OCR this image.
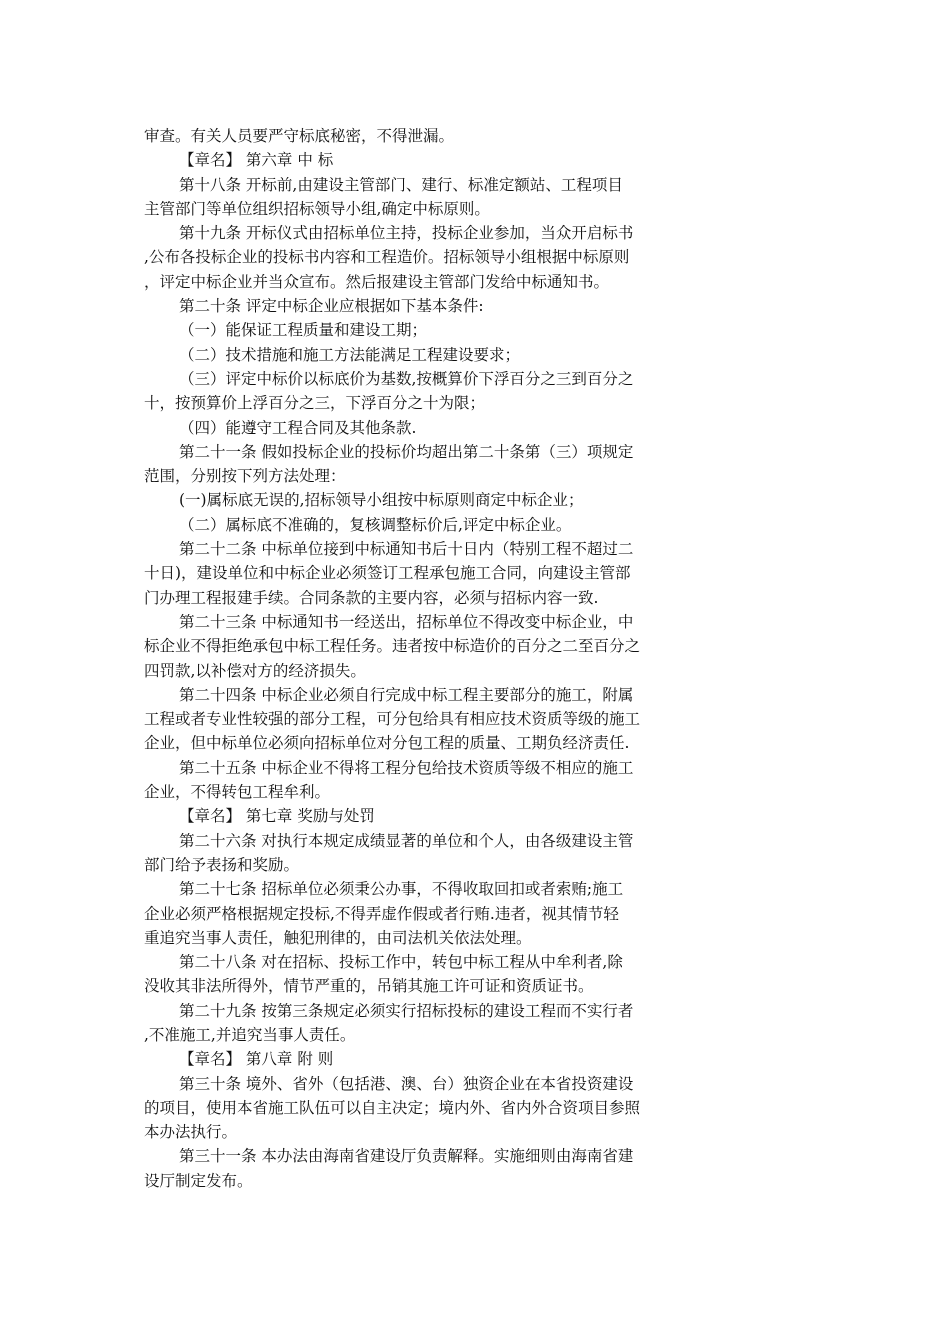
审查。有关人员要严守标底秘密，不得泄漏。

【章名】 第六章 中 标

第十八条 开标前,由建设主管部门、建行、标准定额站、工程项目
主管部门等单位组织招标领导小组,确定中标原则。

第十九条 开标仪式由招标单位主持，投标企业参加，当众开启标书
,公布各投标企业的投标书内容和工程造价。招标领导小组根据中标原则
，评定中标企业并当众宣布。然后报建设主管部门发给中标通知书。

第二十条 评定中标企业应根据如下基本条件:

（一）能保证工程质量和建设工期；

（二）技术措施和施工方法能满足工程建设要求；

（三）评定中标价以标底价为基数,按概算价下浮百分之三到百分之
十，按预算价上浮百分之三，下浮百分之十为限；

（四）能遵守工程合同及其他条款.

第二十一条 假如投标企业的投标价均超出第二十条第（三）项规定
范围，分别按下列方法处理：

(一)属标底无误的,招标领导小组按中标原则商定中标企业；

（二）属标底不准确的，复核调整标价后,评定中标企业。

第二十二条 中标单位接到中标通知书后十日内（特别工程不超过二
十日)，建设单位和中标企业必须签订工程承包施工合同，向建设主管部
门办理工程报建手续。合同条款的主要内容，必须与招标内容一致.

第二十三条 中标通知书一经送出，招标单位不得改变中标企业，中
标企业不得拒绝承包中标工程任务。违者按中标造价的百分之二至百分之
四罚款,以补偿对方的经济损失。

第二十四条 中标企业必须自行完成中标工程主要部分的施工，附属
工程或者专业性较强的部分工程，可分包给具有相应技术资质等级的施工
企业，但中标单位必须向招标单位对分包工程的质量、工期负经济责任.

第二十五条 中标企业不得将工程分包给技术资质等级不相应的施工
企业，不得转包工程牟利。

【章名】 第七章 奖励与处罚

第二十六条 对执行本规定成绩显著的单位和个人，由各级建设主管
部门给予表扬和奖励。

第二十七条 招标单位必须秉公办事，不得收取回扣或者索贿;施工
企业必须严格根据规定投标,不得弄虚作假或者行贿.违者，视其情节轻
重追究当事人责任，触犯刑律的，由司法机关依法处理。

第二十八条 对在招标、投标工作中，转包中标工程从中牟利者,除
没收其非法所得外，情节严重的，吊销其施工许可证和资质证书。

第二十九条 按第三条规定必须实行招标投标的建设工程而不实行者
,不准施工,并追究当事人责任。

【章名】 第八章 附 则

第三十条 境外、省外（包括港、澳、台）独资企业在本省投资建设
的项目，使用本省施工队伍可以自主决定；境内外、省内外合资项目参照
本办法执行。

第三十一条 本办法由海南省建设厅负责解释。实施细则由海南省建
设厅制定发布。
